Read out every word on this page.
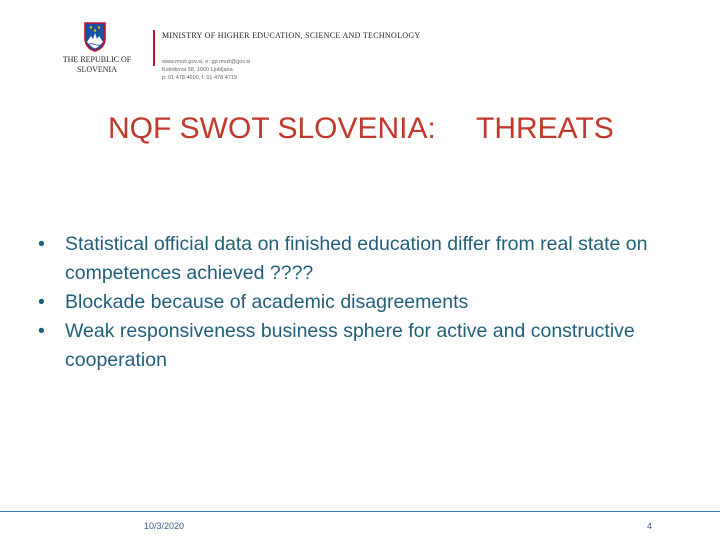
THE REPUBLIC OF SLOVENIA
MINISTRY OF HIGHER EDUCATION, SCIENCE AND TECHNOLOGY
www.mvzt.gov.si, e: gp.mvzt@gov.si
Kotnikova 38, 1000 Ljubljana
p: 01 478 4600, f: 01 478 4719
NQF SWOT SLOVENIA: THREATS
• Statistical official data on finished education differ from real state on competences achieved ????
• Blockade because of academic disagreements
• Weak responsiveness business sphere for active and constructive cooperation
10/3/2020	4
